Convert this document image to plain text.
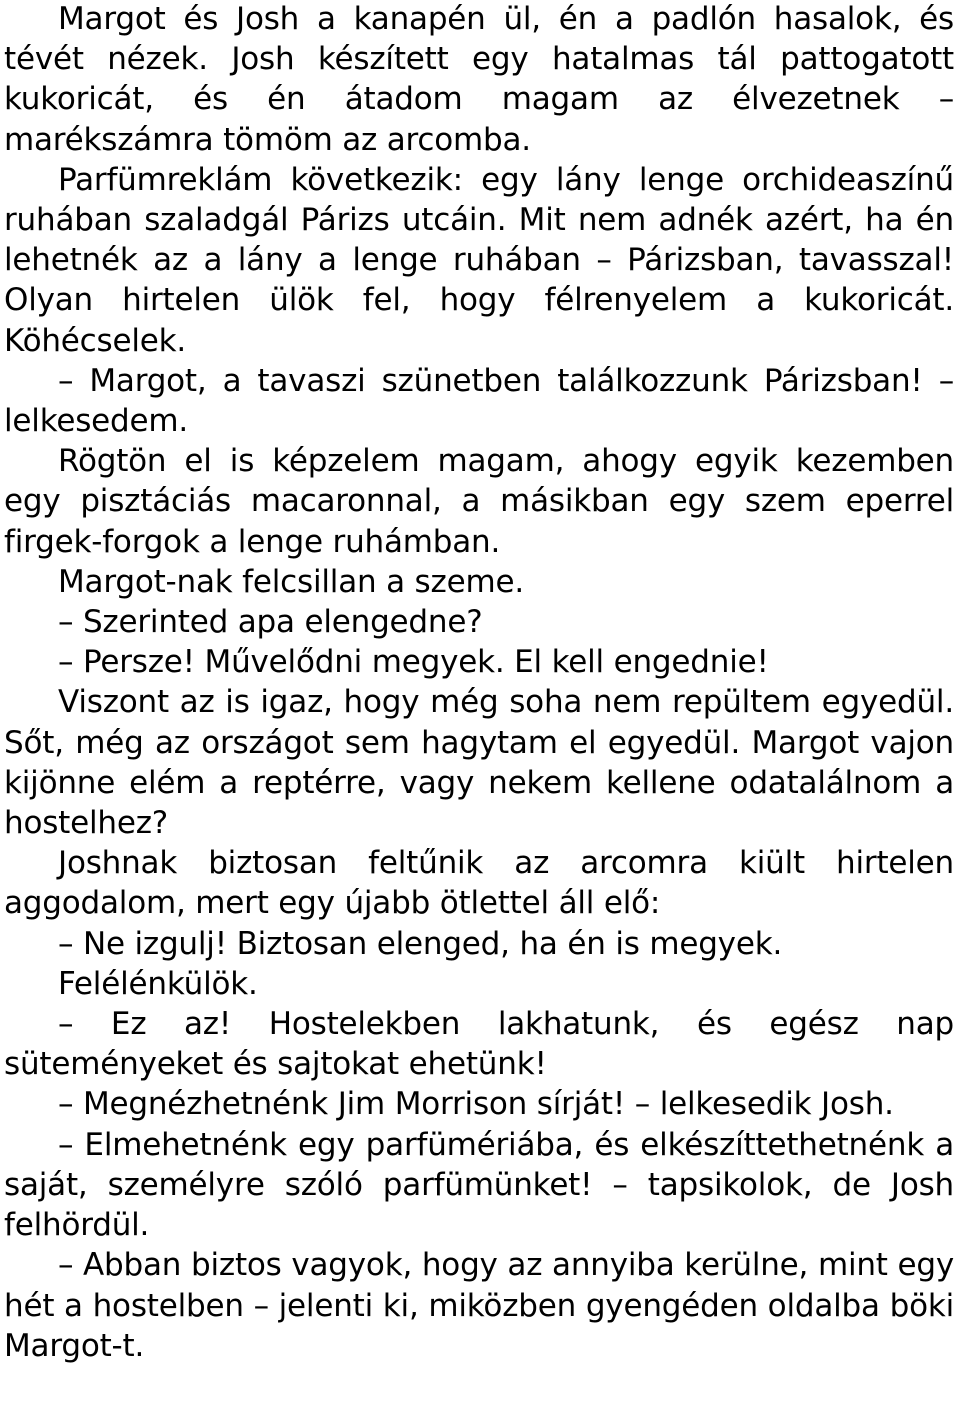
Margot és Josh a kanapén ül, én a padlón hasalok, és tévét nézek. Josh készített egy hatalmas tál pattogatott kukoricát, és én átadom magam az élvezetnek – marékszámra tömöm az arcomba.

Parfümreklám következik: egy lány lenge orchideaszínű ruhában szaladgál Párizs utcáin. Mit nem adnék azért, ha én lehetnék az a lány a lenge ruhában – Párizsban, tavasszal! Olyan hirtelen ülök fel, hogy félrenyelem a kukoricát. Köhécselek.

– Margot, a tavaszi szünetben találkozzunk Párizsban! – lelkesedem.

Rögtön el is képzelem magam, ahogy egyik kezemben egy pisztáciás macaronnal, a másikban egy szem eperrel firgek-forgok a lenge ruhámban.

Margot-nak felcsillan a szeme.

– Szerinted apa elengedne?

– Persze! Művelődni megyek. El kell engednie!

Viszont az is igaz, hogy még soha nem repültem egyedül. Sőt, még az országot sem hagytam el egyedül. Margot vajon kijönne elém a reptérre, vagy nekem kellene odatalálnom a hostelhez?

Joshnak biztosan feltűnik az arcomra kiült hirtelen aggodalom, mert egy újabb ötlettel áll elő:

– Ne izgulj! Biztosan elenged, ha én is megyek.

Felélénkülök.

– Ez az! Hostelekben lakhatunk, és egész nap süteményeket és sajtokat ehetünk!

– Megnézhetnénk Jim Morrison sírját! – lelkesedik Josh.

– Elmehetnénk egy parfümériába, és elkészíttethetnénk a saját, személyre szóló parfümünket! – tapsikolok, de Josh felhördül.

– Abban biztos vagyok, hogy az annyiba kerülne, mint egy hét a hostelben – jelenti ki, miközben gyengéden oldalba böki Margot-t.
